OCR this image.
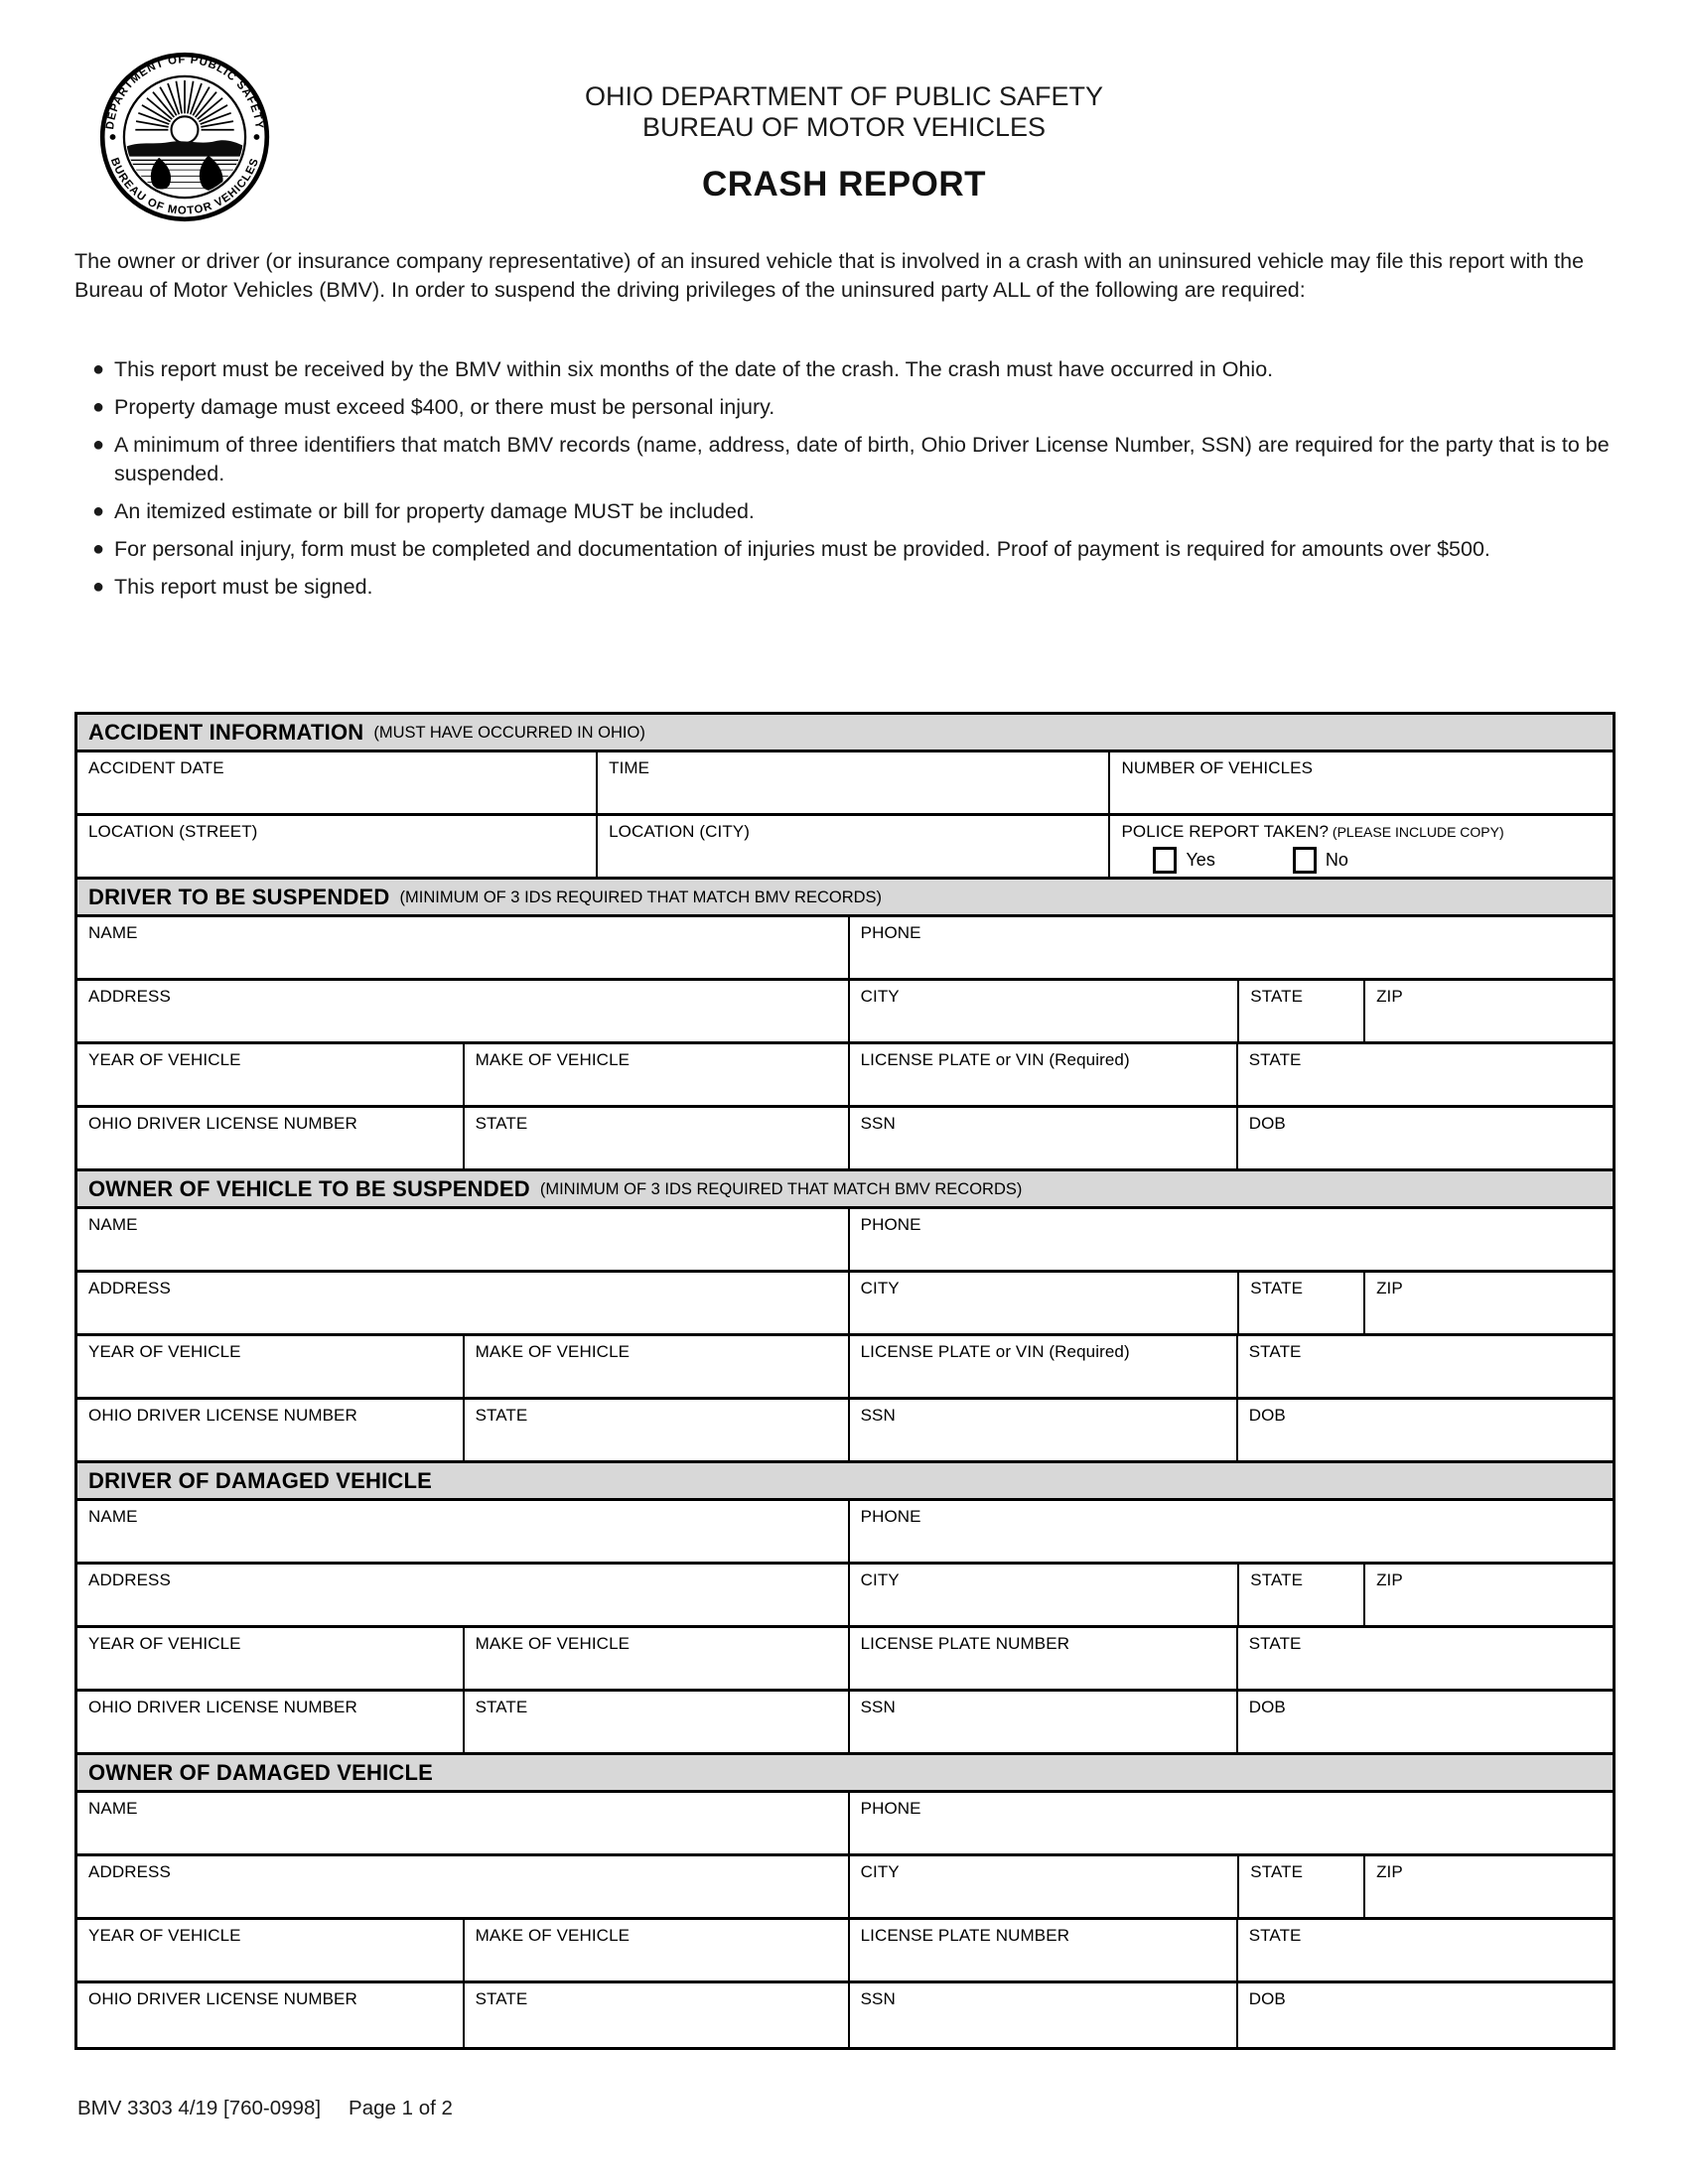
DEPARTMENT OF PUBLIC SAFETY
BUREAU OF MOTOR VEHICLES
OHIO DEPARTMENT OF PUBLIC SAFETY
BUREAU OF MOTOR VEHICLES
CRASH REPORT

The owner or driver (or insurance company representative) of an insured vehicle that is involved in a crash with an uninsured vehicle may file this report with the Bureau of Motor Vehicles (BMV). In order to suspend the driving privileges of the uninsured party ALL of the following are required:

● This report must be received by the BMV within six months of the date of the crash. The crash must have occurred in Ohio.
● Property damage must exceed $400, or there must be personal injury.
● A minimum of three identifiers that match BMV records (name, address, date of birth, Ohio Driver License Number, SSN) are required for the party that is to be suspended.
● An itemized estimate or bill for property damage MUST be included.
● For personal injury, form must be completed and documentation of injuries must be provided. Proof of payment is required for amounts over $500.
● This report must be signed.
ACCIDENT INFORMATION (MUST HAVE OCCURRED IN OHIO)
ACCIDENT DATE	TIME	NUMBER OF VEHICLES
LOCATION (STREET)	LOCATION (CITY)	POLICE REPORT TAKEN? (PLEASE INCLUDE COPY)
Yes	No
DRIVER TO BE SUSPENDED (MINIMUM OF 3 IDS REQUIRED THAT MATCH BMV RECORDS)
NAME	PHONE
ADDRESS	CITY	STATE	ZIP
YEAR OF VEHICLE	MAKE OF VEHICLE	LICENSE PLATE or VIN (Required)	STATE
OHIO DRIVER LICENSE NUMBER	STATE	SSN	DOB
OWNER OF VEHICLE TO BE SUSPENDED (MINIMUM OF 3 IDS REQUIRED THAT MATCH BMV RECORDS)
NAME	PHONE
ADDRESS	CITY	STATE	ZIP
YEAR OF VEHICLE	MAKE OF VEHICLE	LICENSE PLATE or VIN (Required)	STATE
OHIO DRIVER LICENSE NUMBER	STATE	SSN	DOB
DRIVER OF DAMAGED VEHICLE
NAME	PHONE
ADDRESS	CITY	STATE	ZIP
YEAR OF VEHICLE	MAKE OF VEHICLE	LICENSE PLATE NUMBER	STATE
OHIO DRIVER LICENSE NUMBER	STATE	SSN	DOB
OWNER OF DAMAGED VEHICLE
NAME	PHONE
ADDRESS	CITY	STATE	ZIP
YEAR OF VEHICLE	MAKE OF VEHICLE	LICENSE PLATE NUMBER	STATE
OHIO DRIVER LICENSE NUMBER	STATE	SSN	DOB
BMV 3303 4/19 [760-0998] Page 1 of 2
